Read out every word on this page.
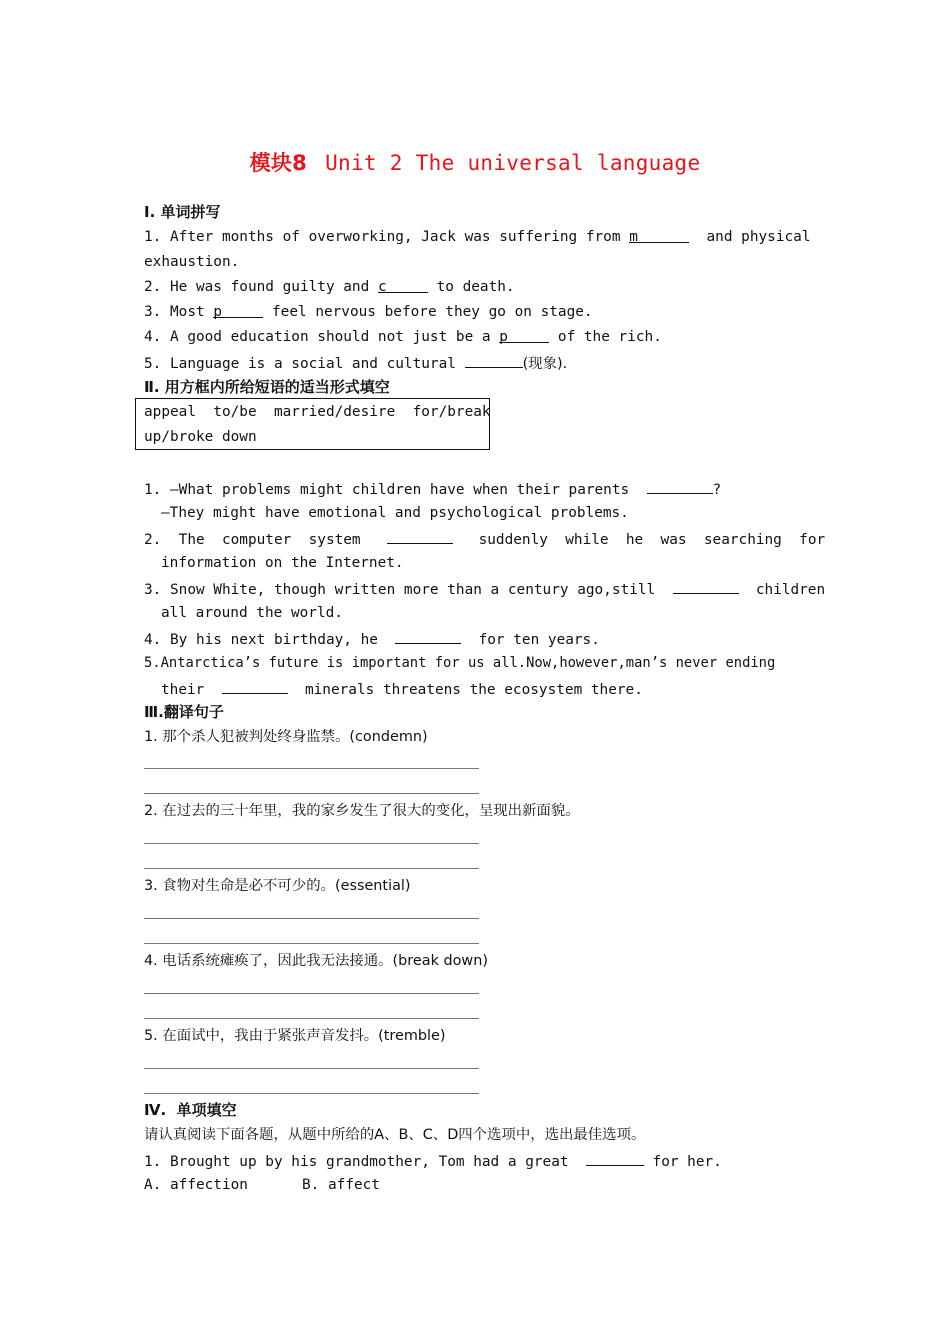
模块8 Unit 2 The universal language
Ⅰ. 单词拼写
1. After months of overworking, Jack was suffering from m	and physical
exhaustion.
2. He was found guilty and c	to death.
3. Most p	feel nervous before they go on stage.
4. A good education should not just be a p	of the rich.
5. Language is a social and cultural	(现象).
Ⅱ. 用方框内所给短语的适当形式填空
appeal  to/be  married/desire  for/break
up/broke down
1. —What problems might children have when their parents	?
—They might have emotional and psychological problems.
2.  The  computer  system	suddenly  while  he  was  searching  for
information on the Internet.
3. Snow White, though written more than a century ago,still	children
all around the world.
4. By his next birthday, he	for ten years.
5.Antarctica’s future is important for us all.Now,however,man’s never ending
their	minerals threatens the ecosystem there.
Ⅲ.翻译句子
1. 那个杀人犯被判处终身监禁。(condemn)
2. 在过去的三十年里，我的家乡发生了很大的变化，呈现出新面貌。
3. 食物对生命是必不可少的。(essential)
4. 电话系统瘫痪了，因此我无法接通。(break down)
5. 在面试中，我由于紧张声音发抖。(tremble)
Ⅳ.  单项填空
请认真阅读下面各题，从题中所给的A、B、C、D四个选项中，选出最佳选项。
1. Brought up by his grandmother, Tom had a great	for her.
A. affection	B. affect
